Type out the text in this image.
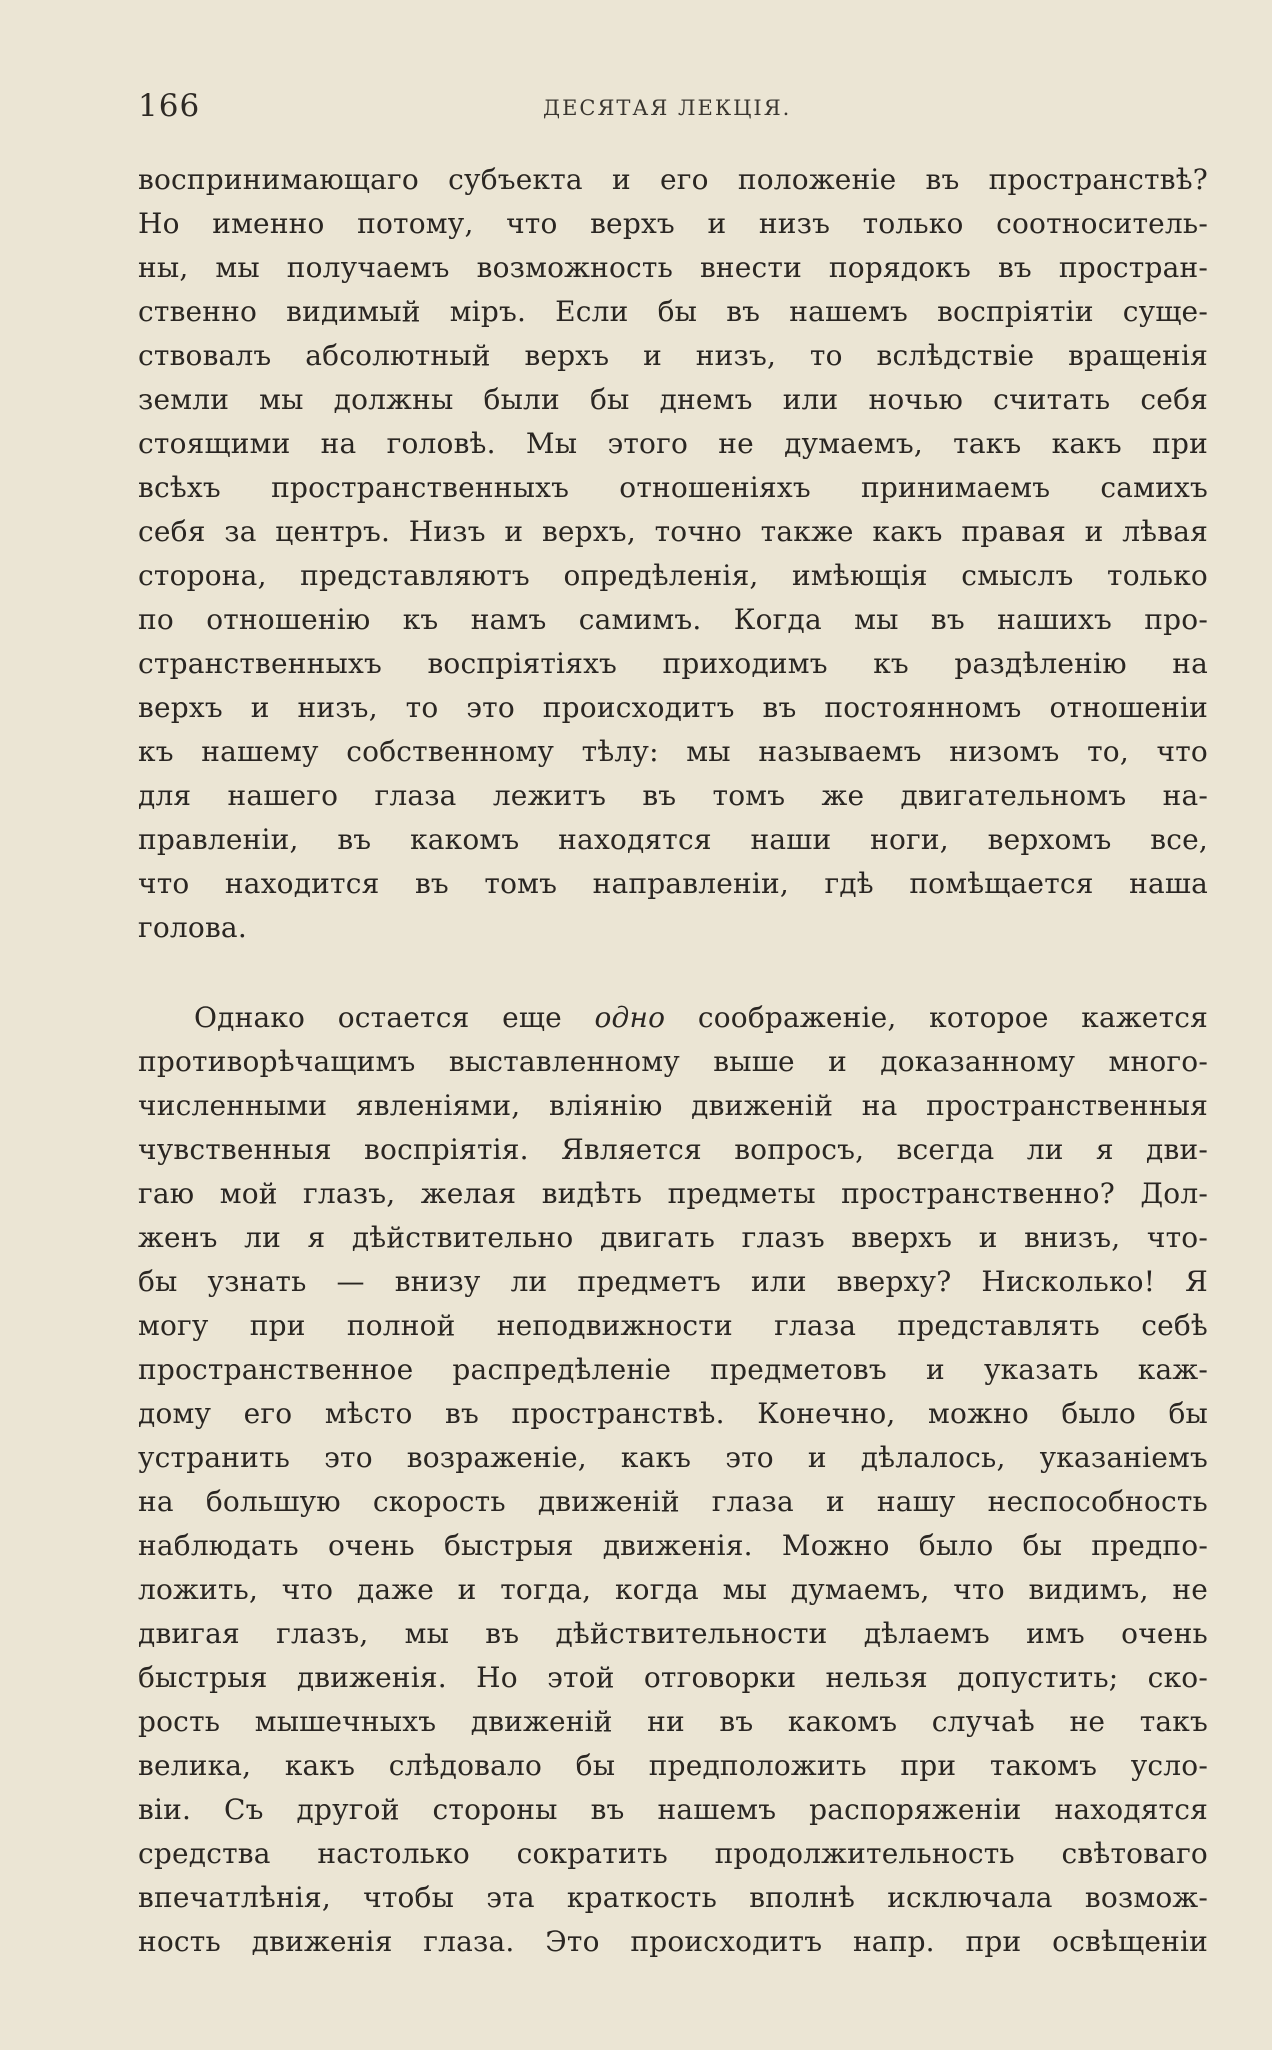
166	ДЕСЯТАЯ ЛЕКЦІЯ.
воспринимающаго субъекта и его положеніе въ пространствѣ?
Но именно потому, что верхъ и низъ только соотноситель-
ны, мы получаемъ возможность внести порядокъ въ простран-
ственно видимый міръ. Если бы въ нашемъ воспріятіи суще-
ствовалъ абсолютный верхъ и низъ, то вслѣдствіе вращенія
земли мы должны были бы днемъ или ночью считать себя
стоящими на головѣ. Мы этого не думаемъ, такъ какъ при
всѣхъ пространственныхъ отношеніяхъ принимаемъ самихъ
себя за центръ. Низъ и верхъ, точно также какъ правая и лѣвая
сторона, представляютъ опредѣленія, имѣющія смыслъ только
по отношенію къ намъ самимъ. Когда мы въ нашихъ про-
странственныхъ воспріятіяхъ приходимъ къ раздѣленію на
верхъ и низъ, то это происходитъ въ постоянномъ отношеніи
къ нашему собственному тѣлу: мы называемъ низомъ то, что
для нашего глаза лежитъ въ томъ же двигательномъ на-
правленіи, въ какомъ находятся наши ноги, верхомъ все,
что находится въ томъ направленіи, гдѣ помѣщается наша
голова.
Однако остается еще одно соображеніе, которое кажется
противорѣчащимъ выставленному выше и доказанному много-
численными явленіями, вліянію движеній на пространственныя
чувственныя воспріятія. Является вопросъ, всегда ли я дви-
гаю мой глазъ, желая видѣть предметы пространственно? Дол-
женъ ли я дѣйствительно двигать глазъ вверхъ и внизъ, что-
бы узнать — внизу ли предметъ или вверху? Нисколько! Я
могу при полной неподвижности глаза представлять себѣ
пространственное распредѣленіе предметовъ и указать каж-
дому его мѣсто въ пространствѣ. Конечно, можно было бы
устранить это возраженіе, какъ это и дѣлалось, указаніемъ
на большую скорость движеній глаза и нашу неспособность
наблюдать очень быстрыя движенія. Можно было бы предпо-
ложить, что даже и тогда, когда мы думаемъ, что видимъ, не
двигая глазъ, мы въ дѣйствительности дѣлаемъ имъ очень
быстрыя движенія. Но этой отговорки нельзя допустить; ско-
рость мышечныхъ движеній ни въ какомъ случаѣ не такъ
велика, какъ слѣдовало бы предположить при такомъ усло-
віи. Съ другой стороны въ нашемъ распоряженіи находятся
средства настолько сократить продолжительность свѣтоваго
впечатлѣнія, чтобы эта краткость вполнѣ исключала возмож-
ность движенія глаза. Это происходитъ напр. при освѣщеніи
